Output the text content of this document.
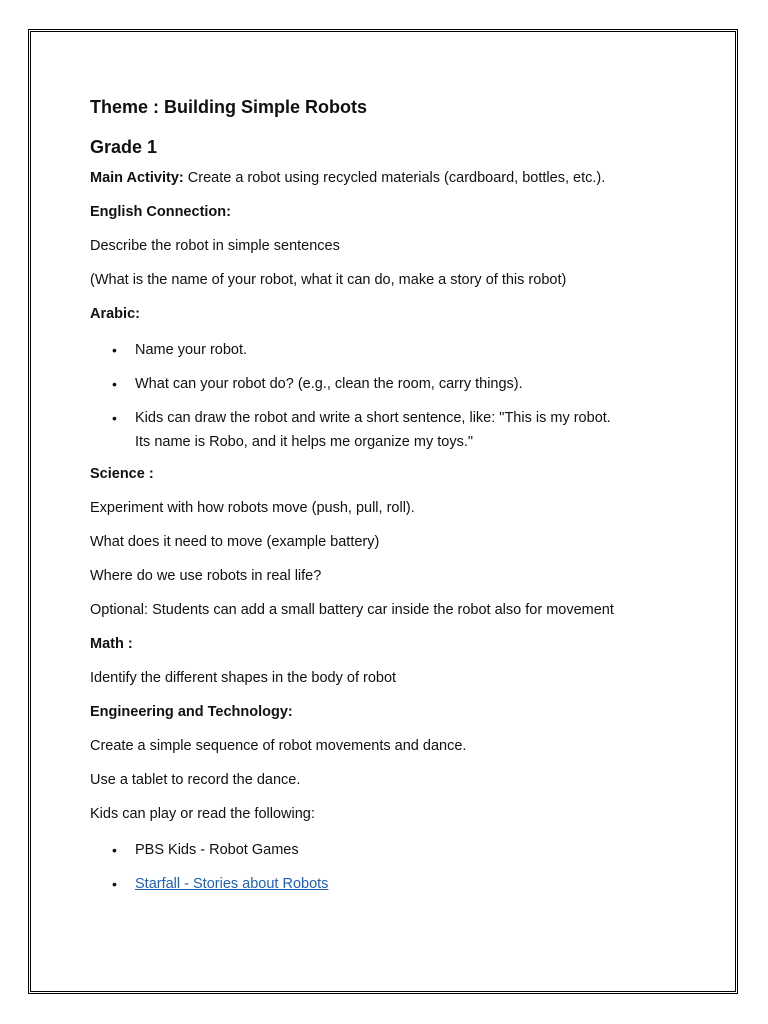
Theme : Building Simple Robots
Grade 1
Main Activity: Create a robot using recycled materials (cardboard, bottles, etc.).
English Connection:
Describe the robot in simple sentences
(What is the name of your robot, what it can do, make a story of this robot)
Arabic:
• Name your robot.
• What can your robot do? (e.g., clean the room, carry things).
• Kids can draw the robot and write a short sentence, like: "This is my robot.
Its name is Robo, and it helps me organize my toys."
Science :
Experiment with how robots move (push, pull, roll).
What does it need to move (example battery)
Where do we use robots in real life?
Optional: Students can add a small battery car inside the robot also for movement
Math :
Identify the different shapes in the body of robot
Engineering and Technology:
Create a simple sequence of robot movements and dance.
Use a tablet to record the dance.
Kids can play or read the following:
• PBS Kids - Robot Games
• Starfall - Stories about Robots
